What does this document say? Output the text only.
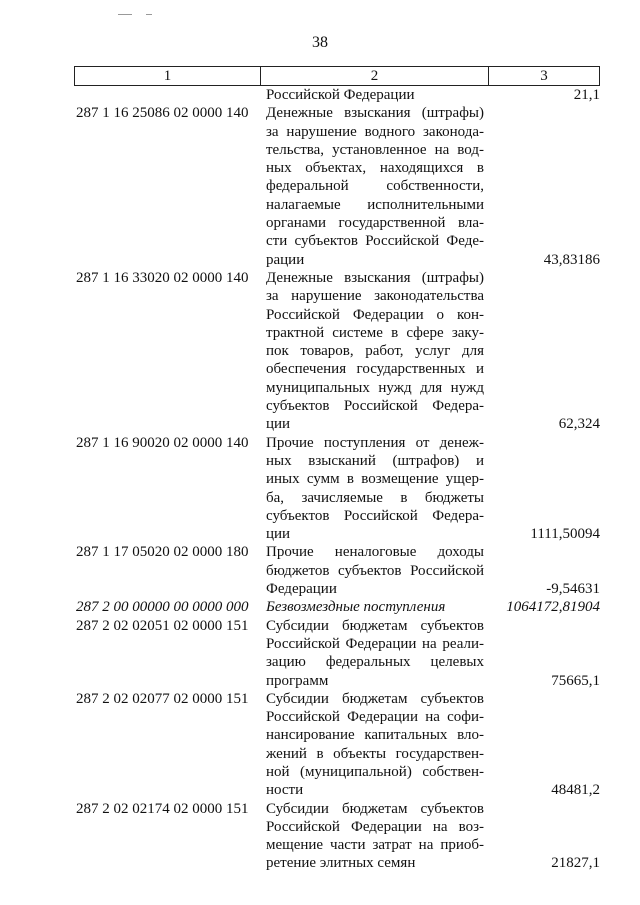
38
1	2	3
Российской Федерации	21,1
287 1 16 25086 02 0000 140	Денежные взыскания (штрафы)
за нарушение водного законода-
тельства, установленное на вод-
ных объектах, находящихся в
федеральной собственности,
налагаемые исполнительными
органами государственной вла-
сти субъектов Российской Феде-
рации	43,83186
287 1 16 33020 02 0000 140	Денежные взыскания (штрафы)
за нарушение законодательства
Российской Федерации о кон-
трактной системе в сфере заку-
пок товаров, работ, услуг для
обеспечения государственных и
муниципальных нужд для нужд
субъектов Российской Федера-
ции	62,324
287 1 16 90020 02 0000 140	Прочие поступления от денеж-
ных взысканий (штрафов) и
иных сумм в возмещение ущер-
ба, зачисляемые в бюджеты
субъектов Российской Федера-
ции	1111,50094
287 1 17 05020 02 0000 180	Прочие неналоговые доходы
бюджетов субъектов Российской
Федерации	-9,54631
287 2 00 00000 00 0000 000	Безвозмездные поступления	1064172,81904
287 2 02 02051 02 0000 151	Субсидии бюджетам субъектов
Российской Федерации на реали-
зацию федеральных целевых
программ	75665,1
287 2 02 02077 02 0000 151	Субсидии бюджетам субъектов
Российской Федерации на софи-
нансирование капитальных вло-
жений в объекты государствен-
ной (муниципальной) собствен-
ности	48481,2
287 2 02 02174 02 0000 151	Субсидии бюджетам субъектов
Российской Федерации на воз-
мещение части затрат на приоб-
ретение элитных семян	21827,1
